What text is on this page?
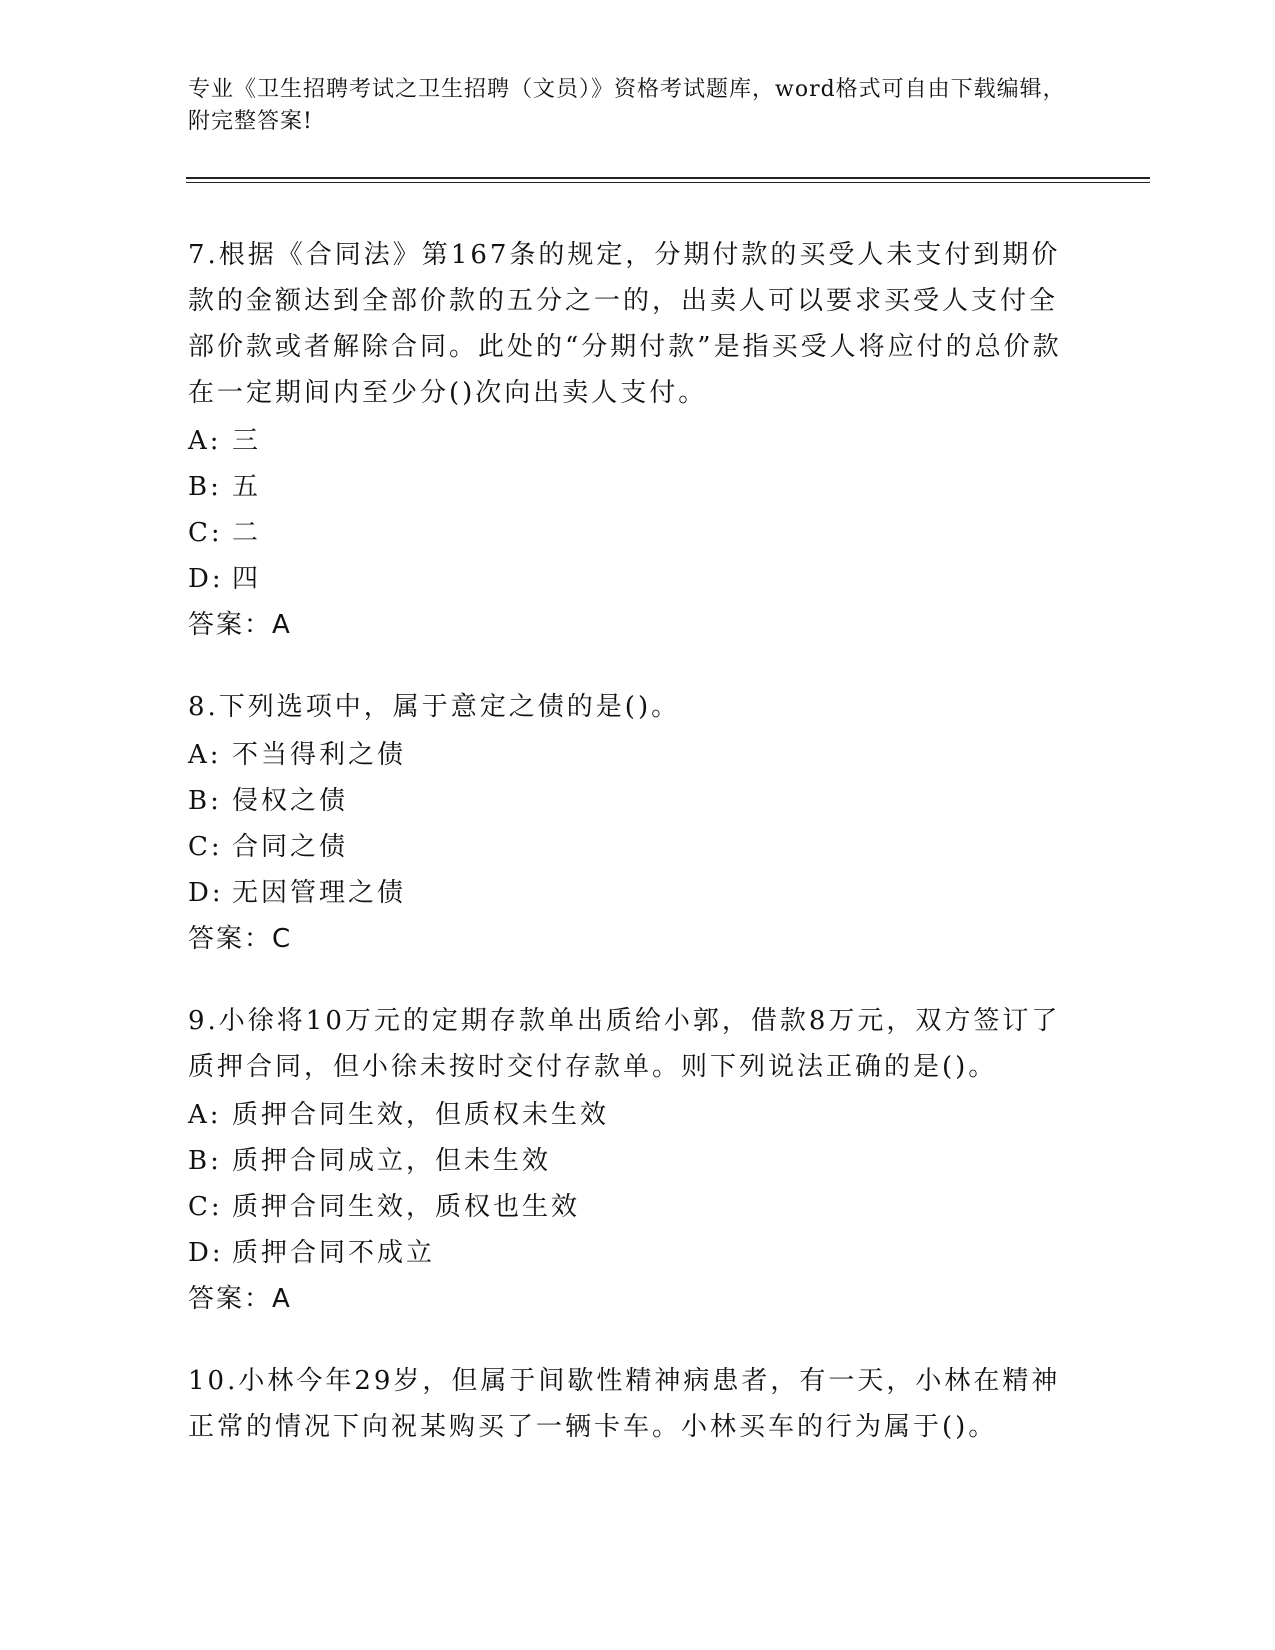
专业《卫生招聘考试之卫生招聘（文员）》资格考试题库，word格式可自由下载编辑，附完整答案!
7.根据《合同法》第167条的规定，分期付款的买受人未支付到期价款的金额达到全部价款的五分之一的，出卖人可以要求买受人支付全部价款或者解除合同。此处的“分期付款”是指买受人将应付的总价款在一定期间内至少分()次向出卖人支付。
A: 三
B: 五
C: 二
D: 四
答案：A
8.下列选项中，属于意定之债的是()。
A: 不当得利之债
B: 侵权之债
C: 合同之债
D: 无因管理之债
答案：C
9.小徐将10万元的定期存款单出质给小郭，借款8万元，双方签订了质押合同，但小徐未按时交付存款单。则下列说法正确的是()。
A: 质押合同生效，但质权未生效
B: 质押合同成立，但未生效
C: 质押合同生效，质权也生效
D: 质押合同不成立
答案：A
10.小林今年29岁，但属于间歇性精神病患者，有一天，小林在精神正常的情况下向祝某购买了一辆卡车。小林买车的行为属于()。
